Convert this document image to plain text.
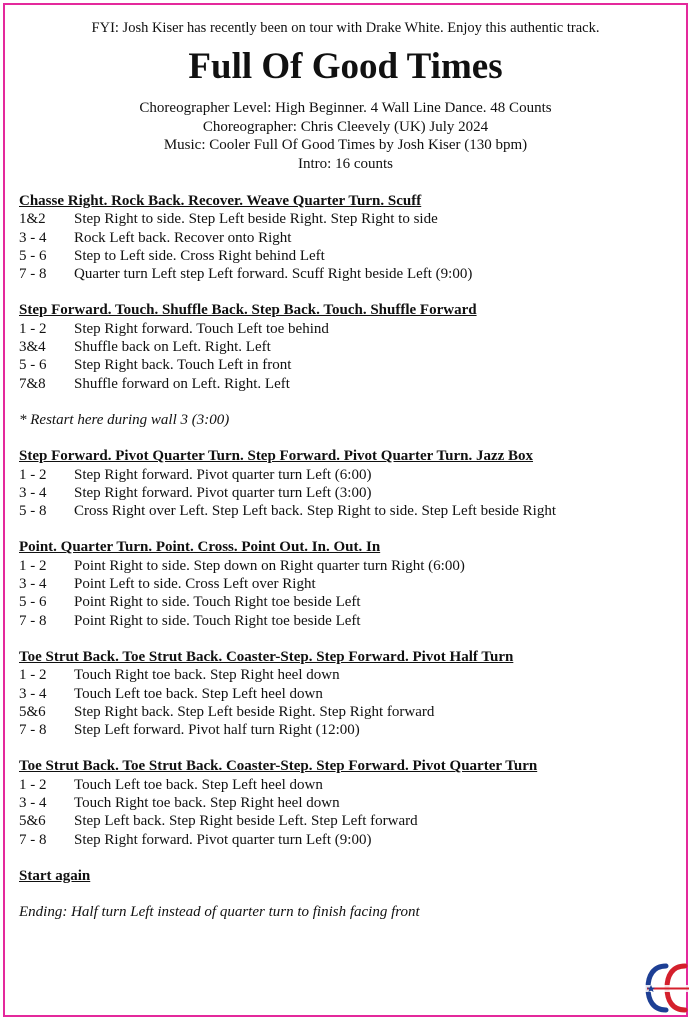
FYI: Josh Kiser has recently been on tour with Drake White. Enjoy this authentic track.
Full Of Good Times
Choreographer Level: High Beginner. 4 Wall Line Dance. 48 Counts
Choreographer: Chris Cleevely (UK) July 2024
Music: Cooler Full Of Good Times by Josh Kiser (130 bpm)
Intro: 16 counts

Chasse Right. Rock Back. Recover. Weave Quarter Turn. Scuff

1&2	Step Right to side. Step Left beside Right. Step Right to side
3 - 4	Rock Left back. Recover onto Right
5 - 6	Step to Left side. Cross Right behind Left
7 - 8	Quarter turn Left step Left forward. Scuff Right beside Left (9:00)

Step Forward. Touch. Shuffle Back. Step Back. Touch. Shuffle Forward

1 - 2	Step Right forward. Touch Left toe behind
3&4	Shuffle back on Left. Right. Left
5 - 6	Step Right back. Touch Left in front
7&8	Shuffle forward on Left. Right. Left
* Restart here during wall 3 (3:00)

Step Forward. Pivot Quarter Turn. Step Forward. Pivot Quarter Turn. Jazz Box

1 - 2	Step Right forward. Pivot quarter turn Left (6:00)
3 - 4	Step Right forward. Pivot quarter turn Left (3:00)
5 - 8	Cross Right over Left. Step Left back. Step Right to side. Step Left beside Right

Point. Quarter Turn. Point. Cross. Point Out. In. Out. In

1 - 2	Point Right to side. Step down on Right quarter turn Right (6:00)
3 - 4	Point Left to side. Cross Left over Right
5 - 6	Point Right to side. Touch Right toe beside Left
7 - 8	Point Right to side. Touch Right toe beside Left

Toe Strut Back. Toe Strut Back. Coaster-Step. Step Forward. Pivot Half Turn

1 - 2	Touch Right toe back. Step Right heel down
3 - 4	Touch Left toe back. Step Left heel down
5&6	Step Right back. Step Left beside Right. Step Right forward
7 - 8	Step Left forward. Pivot half turn Right (12:00)

Toe Strut Back. Toe Strut Back. Coaster-Step. Step Forward. Pivot Quarter Turn

1 - 2	Touch Left toe back. Step Left heel down
3 - 4	Touch Right toe back. Step Right heel down
5&6	Step Left back. Step Right beside Left. Step Left forward
7 - 8	Step Right forward. Pivot quarter turn Left (9:00)
Start again
Ending: Half turn Left instead of quarter turn to finish facing front
